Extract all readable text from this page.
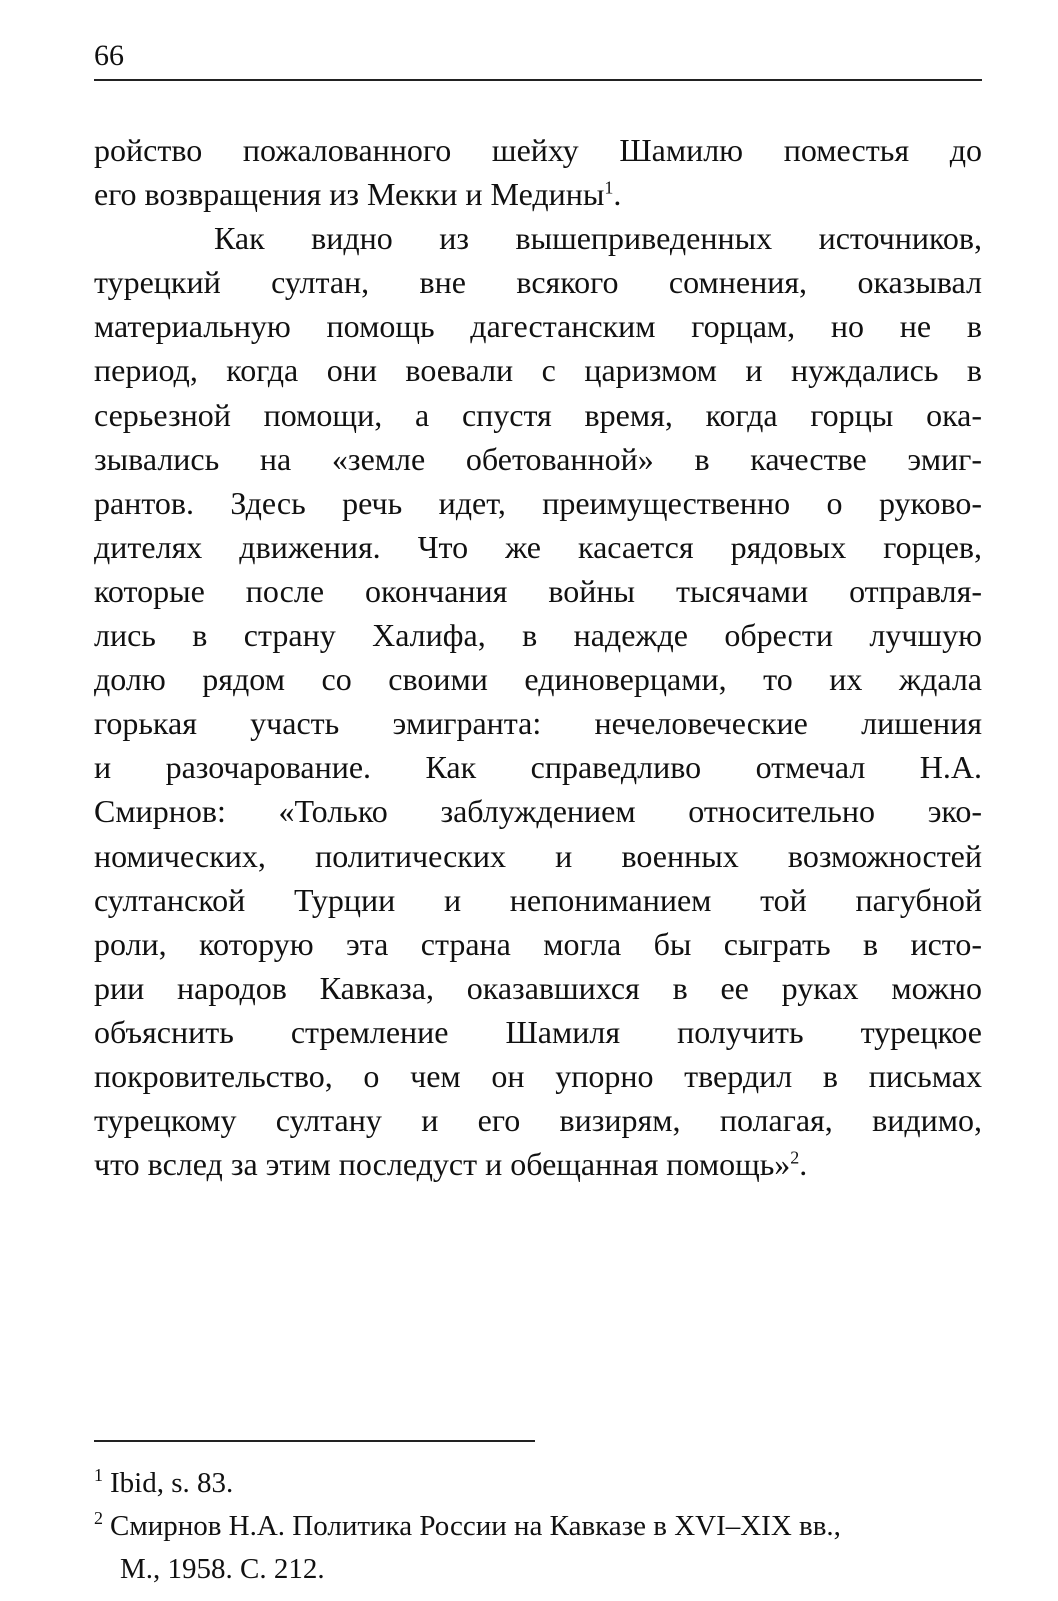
66
ройство пожалованного шейху Шамилю поместья до
его возвращения из Мекки и Медины$^1$.
Как видно из вышеприведенных источников,
турецкий султан, вне всякого сомнения, оказывал
материальную помощь дагестанским горцам, но не в
период, когда они воевали с царизмом и нуждались в
серьезной помощи, а спустя время, когда горцы ока-
зывались на «земле обетованной» в качестве эмиг-
рантов. Здесь речь идет, преимущественно о руково-
дителях движения. Что же касается рядовых горцев,
которые после окончания войны тысячами отправля-
лись в страну Халифа, в надежде обрести лучшую
долю рядом со своими единоверцами, то их ждала
горькая участь эмигранта: нечеловеческие лишения
и разочарование. Как справедливо отмечал Н.А.
Смирнов: «Только заблуждением относительно эко-
номических, политических и военных возможностей
султанской Турции и непониманием той пагубной
роли, которую эта страна могла бы сыграть в исто-
рии народов Кавказа, оказавшихся в ее руках можно
объяснить стремление Шамиля получить турецкое
покровительство, о чем он упорно твердил в письмах
турецкому султану и его визирям, полагая, видимо,
что вслед за этим последуст и обещанная помощь»$^2$.
1 Ibid, s. 83.
2 Смирнов Н.А. Политика России на Кавказе в XVI–XIX вв.,
М., 1958. С. 212.
